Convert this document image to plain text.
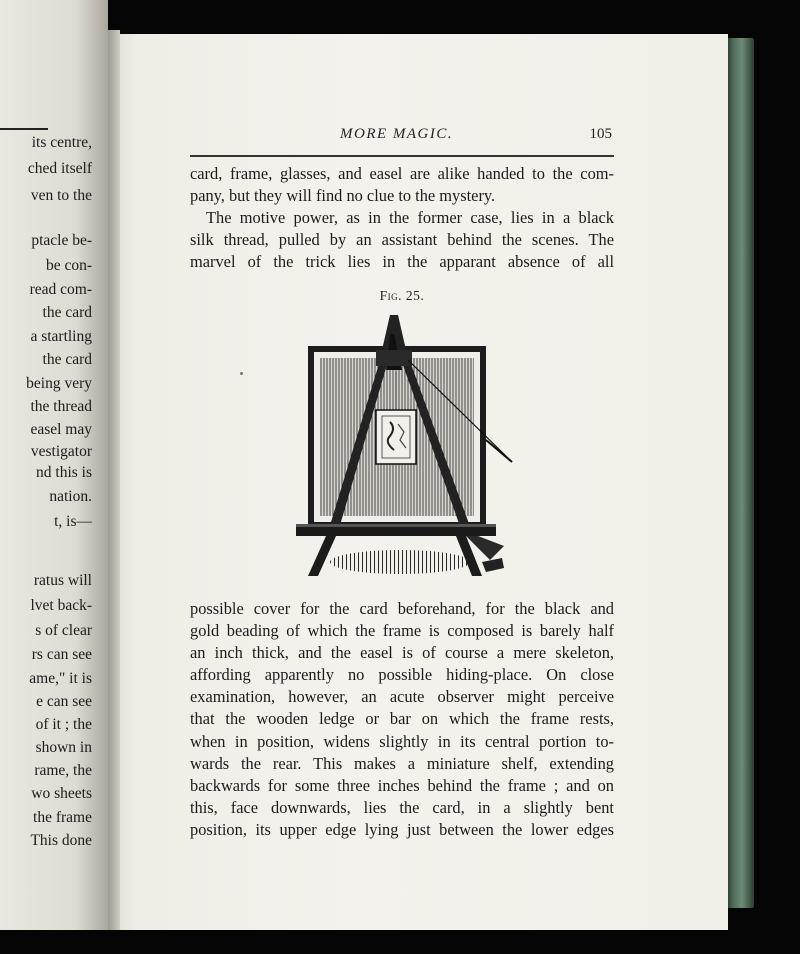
its centre,
ched itself
ven to the
ptacle be-
be con-
read com-
the card
a startling
the card
being very
the thread
easel may
vestigator
nd this is
nation.
t, is—
ratus will
lvet back-
s of clear
rs can see
ame," it is
e can see
of it ; the
shown in
rame, the
wo sheets
the frame
This done
MORE MAGIC.	105
card, frame, glasses, and easel are alike handed to the com-
pany, but they will find no clue to the mystery.
The motive power, as in the former case, lies in a black
silk thread, pulled by an assistant behind the scenes. The
marvel of the trick lies in the apparant absence of all
Fig. 25.
possible cover for the card beforehand, for the black and
gold beading of which the frame is composed is barely half
an inch thick, and the easel is of course a mere skeleton,
affording apparently no possible hiding-place. On close
examination, however, an acute observer might perceive
that the wooden ledge or bar on which the frame rests,
when in position, widens slightly in its central portion to-
wards the rear. This makes a miniature shelf, extending
backwards for some three inches behind the frame ; and on
this, face downwards, lies the card, in a slightly bent
position, its upper edge lying just between the lower edges
